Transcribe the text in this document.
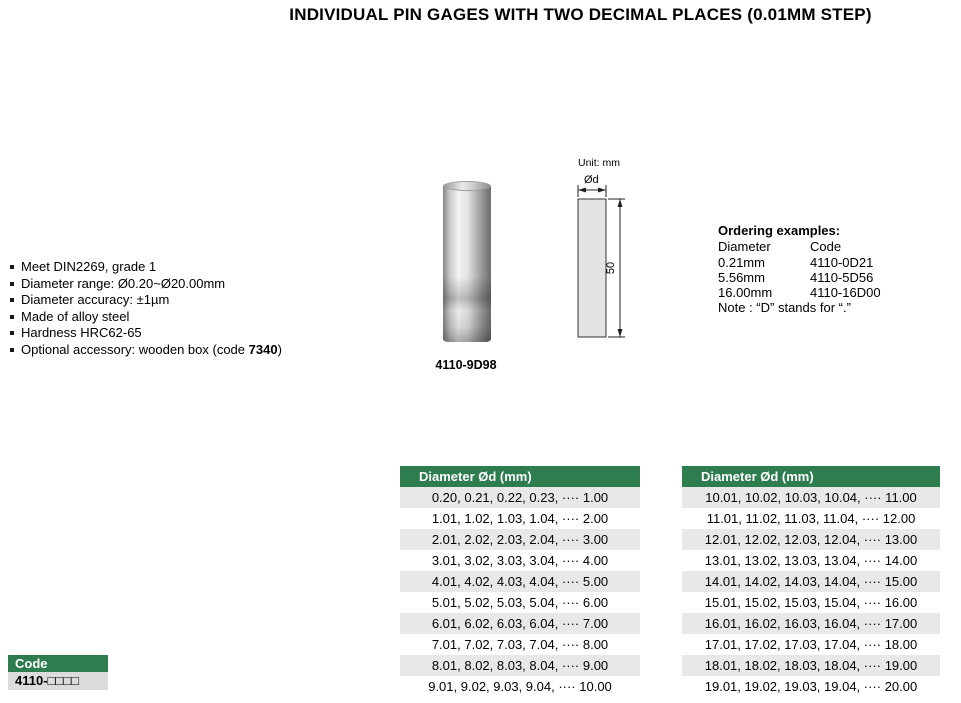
INDIVIDUAL PIN GAGES WITH TWO DECIMAL PLACES (0.01MM STEP)
Meet DIN2269, grade 1
Diameter range: Ø0.20~Ø20.00mm
Diameter accuracy: ±1µm
Made of alloy steel
Hardness HRC62-65
Optional accessory: wooden box (code 7340)
4110-9D98
Unit: mm
Ød
50
Ordering examples:
Diameter	Code
0.21mm	4110-0D21
5.56mm	4110-5D56
16.00mm	4110-16D00
Note : “D” stands for “.”
Diameter Ød (mm)
0.20, 0.21, 0.22, 0.23, ···· 1.00
1.01, 1.02, 1.03, 1.04, ···· 2.00
2.01, 2.02, 2.03, 2.04, ···· 3.00
3.01, 3.02, 3.03, 3.04, ···· 4.00
4.01, 4.02, 4.03, 4.04, ···· 5.00
5.01, 5.02, 5.03, 5.04, ···· 6.00
6.01, 6.02, 6.03, 6.04, ···· 7.00
7.01, 7.02, 7.03, 7.04, ···· 8.00
8.01, 8.02, 8.03, 8.04, ···· 9.00
9.01, 9.02, 9.03, 9.04, ···· 10.00
Diameter Ød (mm)
10.01, 10.02, 10.03, 10.04, ···· 11.00
11.01, 11.02, 11.03, 11.04, ···· 12.00
12.01, 12.02, 12.03, 12.04, ···· 13.00
13.01, 13.02, 13.03, 13.04, ···· 14.00
14.01, 14.02, 14.03, 14.04, ···· 15.00
15.01, 15.02, 15.03, 15.04, ···· 16.00
16.01, 16.02, 16.03, 16.04, ···· 17.00
17.01, 17.02, 17.03, 17.04, ···· 18.00
18.01, 18.02, 18.03, 18.04, ···· 19.00
19.01, 19.02, 19.03, 19.04, ···· 20.00
Code
4110-□□□□
